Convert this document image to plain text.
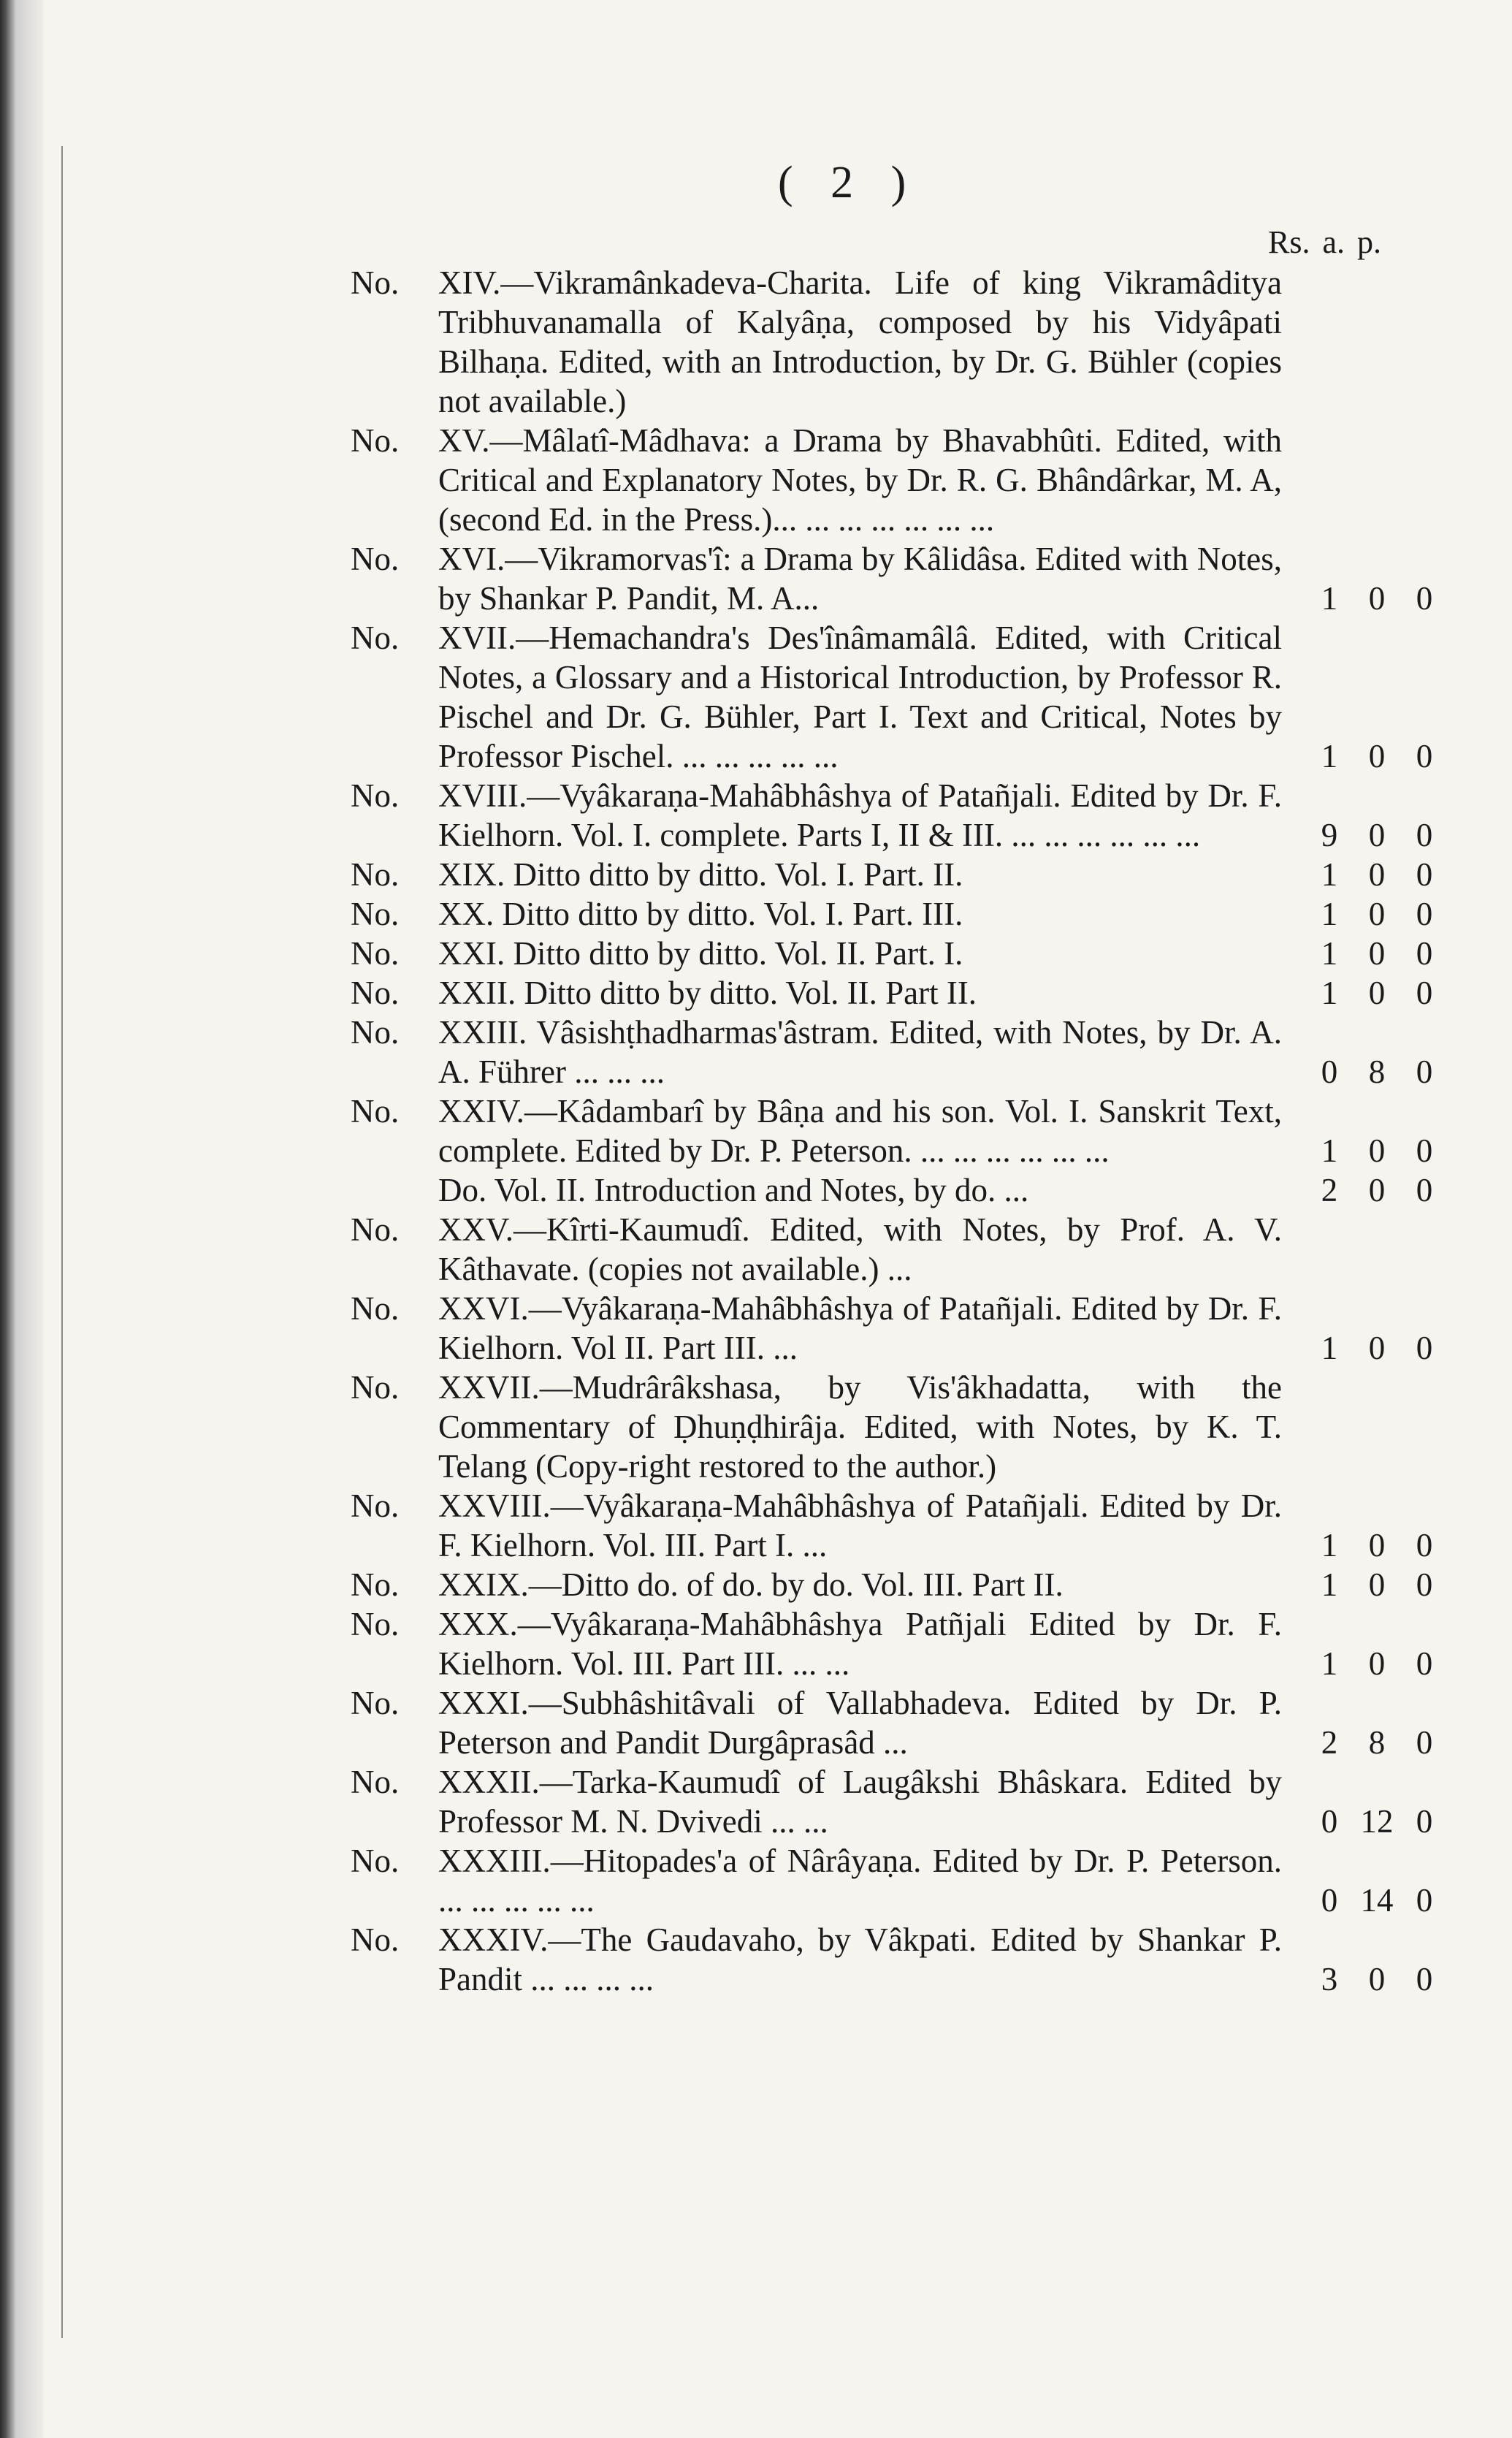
( 2 )
Rs. a. p.
No.	XIV.—Vikramânkadeva-Charita. Life of king Vikramâditya Tribhuvanamalla of Kalyâṇa, composed by his Vidyâpati Bilhaṇa. Edited, with an Introduction, by Dr. G. Bühler (copies not available.)
No.	XV.—Mâlatî-Mâdhava: a Drama by Bhavabhûti. Edited, with Critical and Explanatory Notes, by Dr. R. G. Bhândârkar, M. A, (second Ed. in the Press.)... ... ... ... ... ... ...
No.	XVI.—Vikramorvas'î: a Drama by Kâlidâsa. Edited with Notes, by Shankar P. Pandit, M. A...	1 0 0
No.	XVII.—Hemachandra's Des'înâmamâlâ. Edited, with Critical Notes, a Glossary and a Historical Introduction, by Professor R. Pischel and Dr. G. Bühler, Part I. Text and Critical, Notes by Professor Pischel. ... ... ... ... ...	1 0 0
No.	XVIII.—Vyâkaraṇa-Mahâbhâshya of Patañjali. Edited by Dr. F. Kielhorn. Vol. I. complete. Parts I, II & III. ... ... ... ... ... ...	9 0 0
No.	XIX. Ditto ditto by ditto. Vol. I. Part. II.	1 0 0
No.	XX. Ditto ditto by ditto. Vol. I. Part. III.	1 0 0
No.	XXI. Ditto ditto by ditto. Vol. II. Part. I.	1 0 0
No.	XXII. Ditto ditto by ditto. Vol. II. Part II.	1 0 0
No.	XXIII. Vâsishṭhadharmas'âstram. Edited, with Notes, by Dr. A. A. Führer ... ... ...	0 8 0
No.	XXIV.—Kâdambarî by Bâṇa and his son. Vol. I. Sanskrit Text, complete. Edited by Dr. P. Peterson. ... ... ... ... ... ...	1 0 0
Do. Vol. II. Introduction and Notes, by do. ...	2 0 0
No.	XXV.—Kîrti-Kaumudî. Edited, with Notes, by Prof. A. V. Kâthavate. (copies not available.) ...
No.	XXVI.—Vyâkaraṇa-Mahâbhâshya of Patañjali. Edited by Dr. F. Kielhorn. Vol II. Part III. ...	1 0 0
No.	XXVII.—Mudrârâkshasa, by Vis'âkhadatta, with the Commentary of Ḍhuṇḍhirâja. Edited, with Notes, by K. T. Telang (Copy-right restored to the author.)
No.	XXVIII.—Vyâkaraṇa-Mahâbhâshya of Patañjali. Edited by Dr. F. Kielhorn. Vol. III. Part I. ...	1 0 0
No.	XXIX.—Ditto do. of do. by do. Vol. III. Part II.	1 0 0
No.	XXX.—Vyâkaraṇa-Mahâbhâshya Patñjali Edited by Dr. F. Kielhorn. Vol. III. Part III. ... ...	1 0 0
No.	XXXI.—Subhâshitâvali of Vallabhadeva. Edited by Dr. P. Peterson and Pandit Durgâprasâd ...	2 8 0
No.	XXXII.—Tarka-Kaumudî of Laugâkshi Bhâskara. Edited by Professor M. N. Dvivedi ... ...	0 12 0
No.	XXXIII.—Hitopades'a of Nârâyaṇa. Edited by Dr. P. Peterson. ... ... ... ... ...	0 14 0
No.	XXXIV.—The Gaudavaho, by Vâkpati. Edited by Shankar P. Pandit ... ... ... ...	3 0 0
